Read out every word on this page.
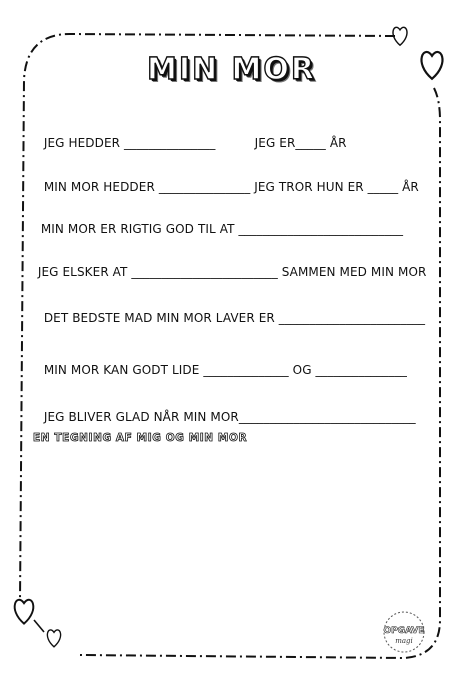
MIN MOR

JEG HEDDER _______________          JEG ER_____ ÅR

MIN MOR HEDDER _______________ JEG TROR HUN ER _____ ÅR

MIN MOR ER RIGTIG GOD TIL AT ___________________________

JEG ELSKER AT ________________________ SAMMEN MED MIN MOR

DET BEDSTE MAD MIN MOR LAVER ER ________________________

MIN MOR KAN GODT LIDE ______________ OG _______________

JEG BLIVER GLAD NÅR MIN MOR_____________________________

EN TEGNING AF MIG OG MIN MOR
OPGAVE
magi
